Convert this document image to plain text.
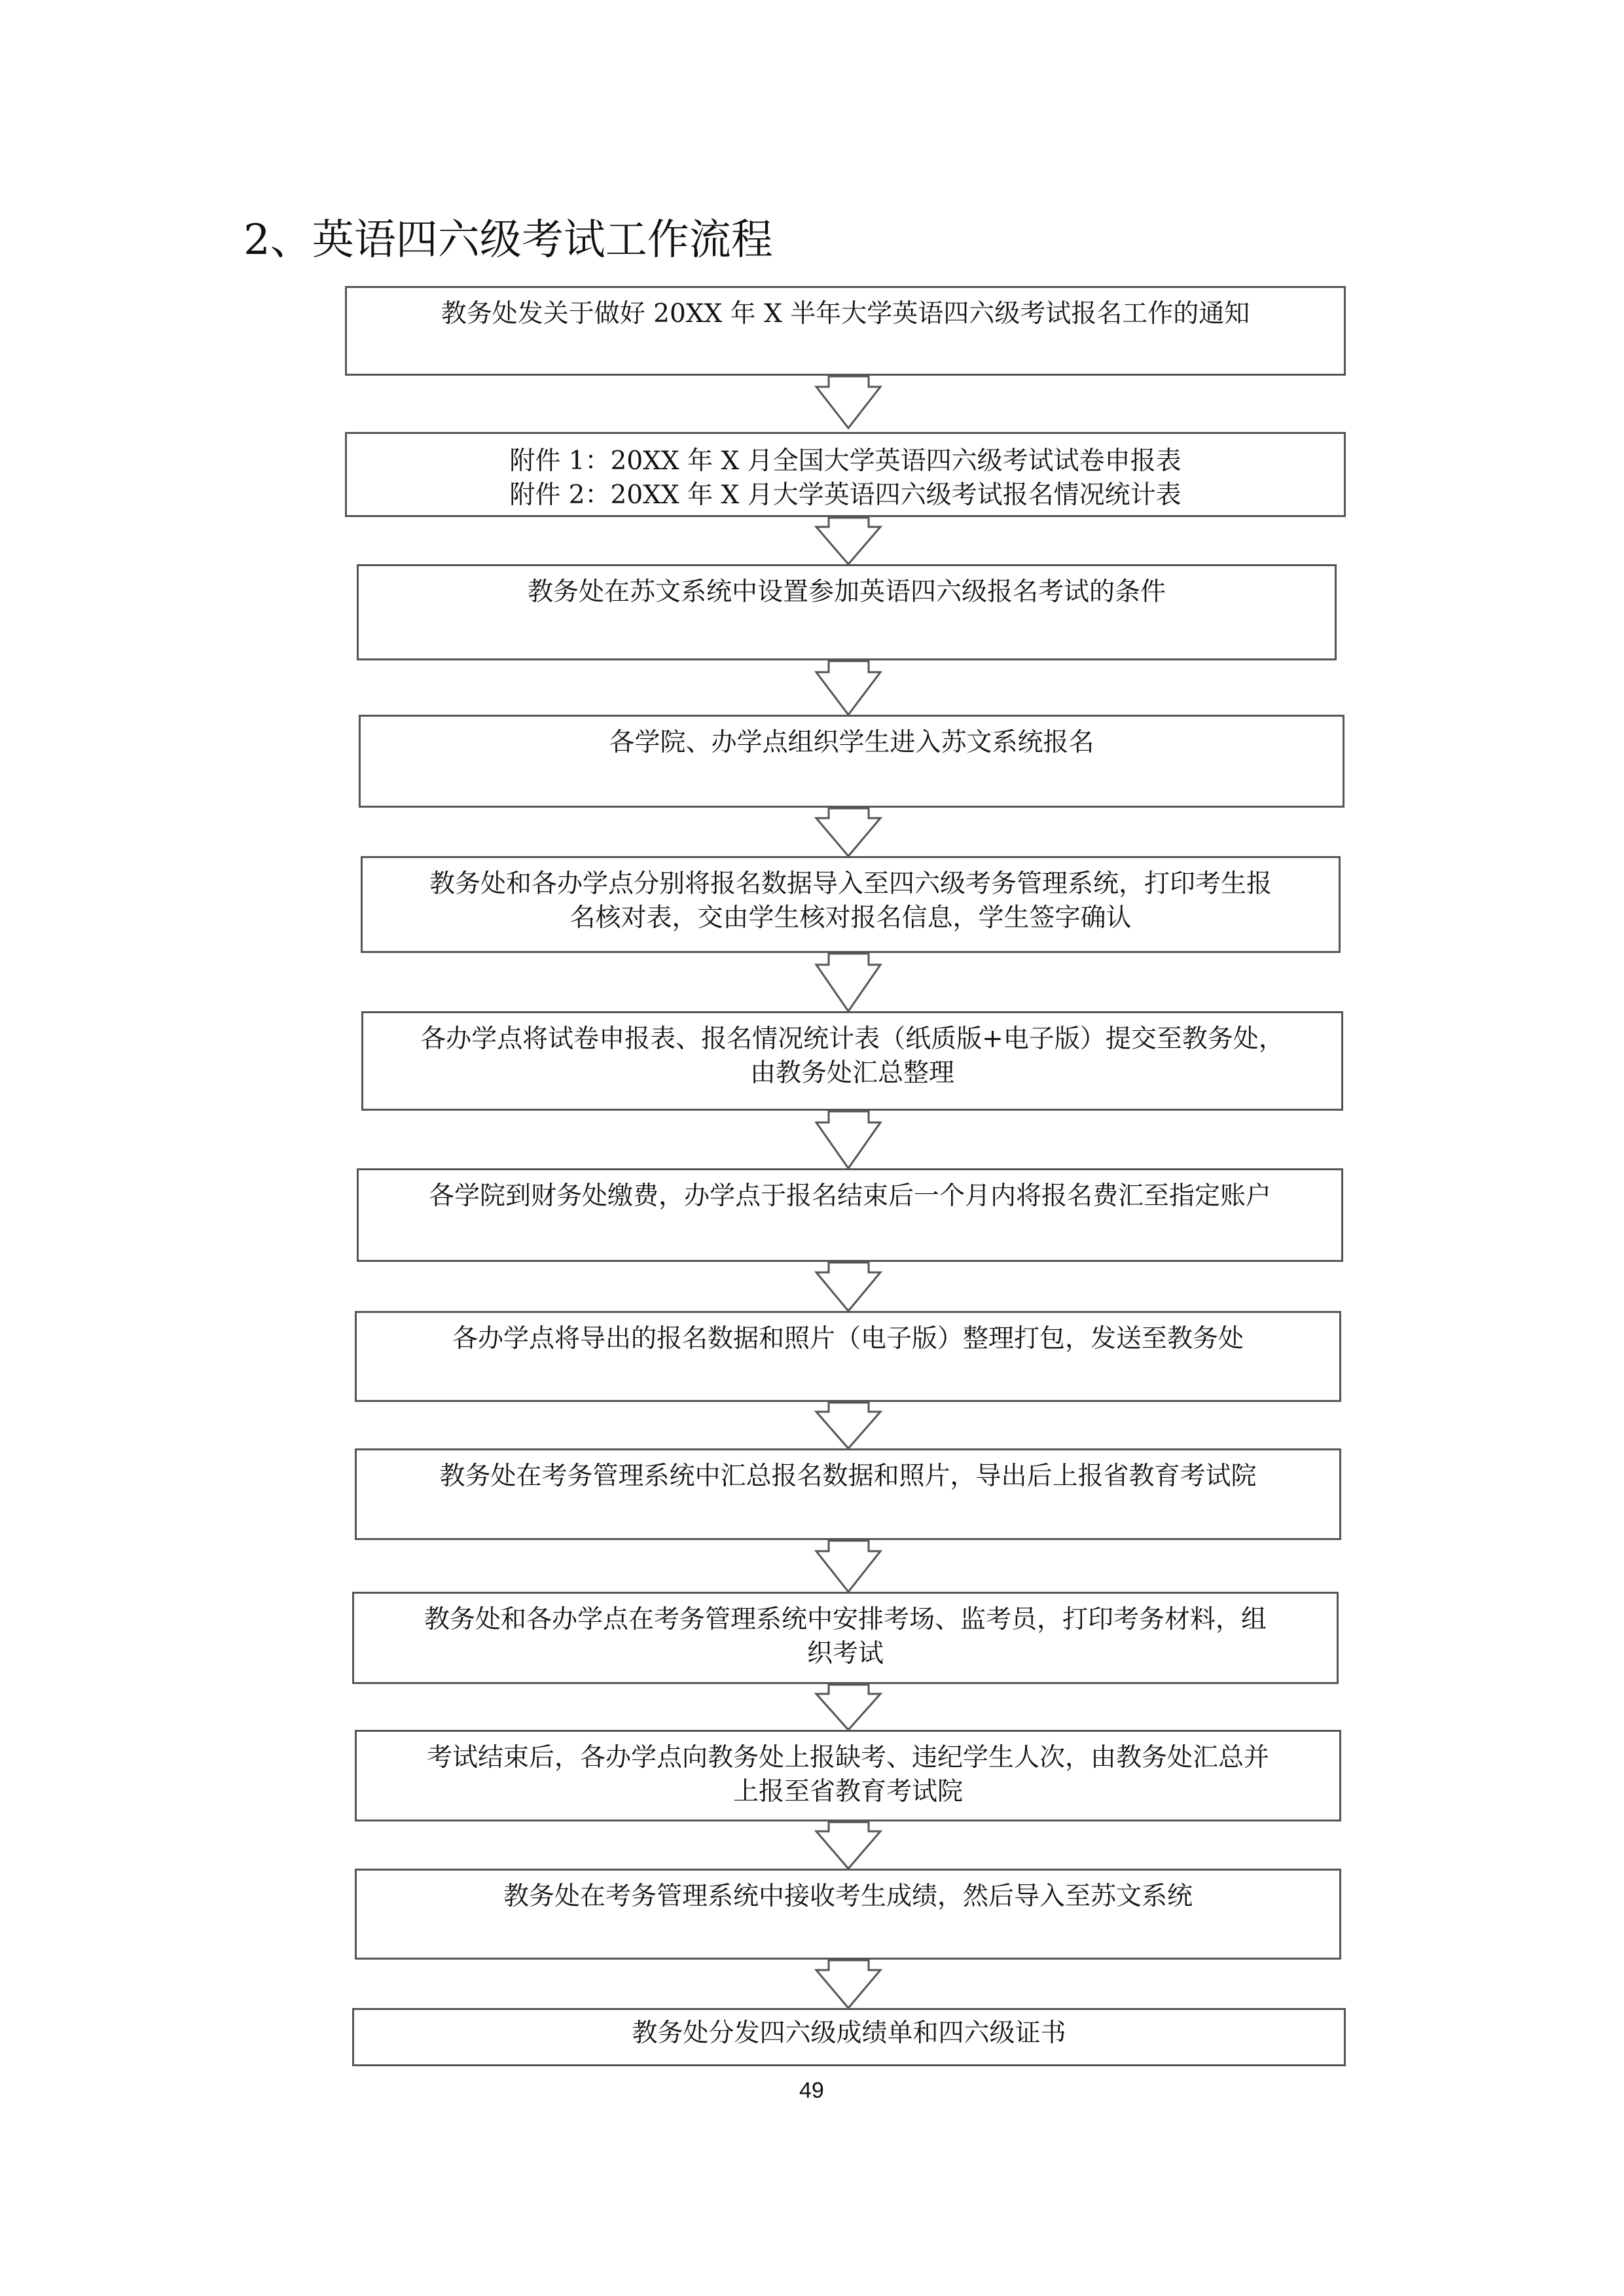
2、英语四六级考试工作流程
教务处发关于做好 20XX 年 X 半年大学英语四六级考试报名工作的通知
附件 1：20XX 年 X 月全国大学英语四六级考试试卷申报表
附件 2：20XX 年 X 月大学英语四六级考试报名情况统计表
教务处在苏文系统中设置参加英语四六级报名考试的条件
各学院、办学点组织学生进入苏文系统报名
教务处和各办学点分别将报名数据导入至四六级考务管理系统，打印考生报
名核对表，交由学生核对报名信息，学生签字确认
各办学点将试卷申报表、报名情况统计表（纸质版+电子版）提交至教务处，
由教务处汇总整理
各学院到财务处缴费，办学点于报名结束后一个月内将报名费汇至指定账户
各办学点将导出的报名数据和照片（电子版）整理打包，发送至教务处
教务处在考务管理系统中汇总报名数据和照片，导出后上报省教育考试院
教务处和各办学点在考务管理系统中安排考场、监考员，打印考务材料，组
织考试
考试结束后，各办学点向教务处上报缺考、违纪学生人次，由教务处汇总并
上报至省教育考试院
教务处在考务管理系统中接收考生成绩，然后导入至苏文系统
教务处分发四六级成绩单和四六级证书
49
